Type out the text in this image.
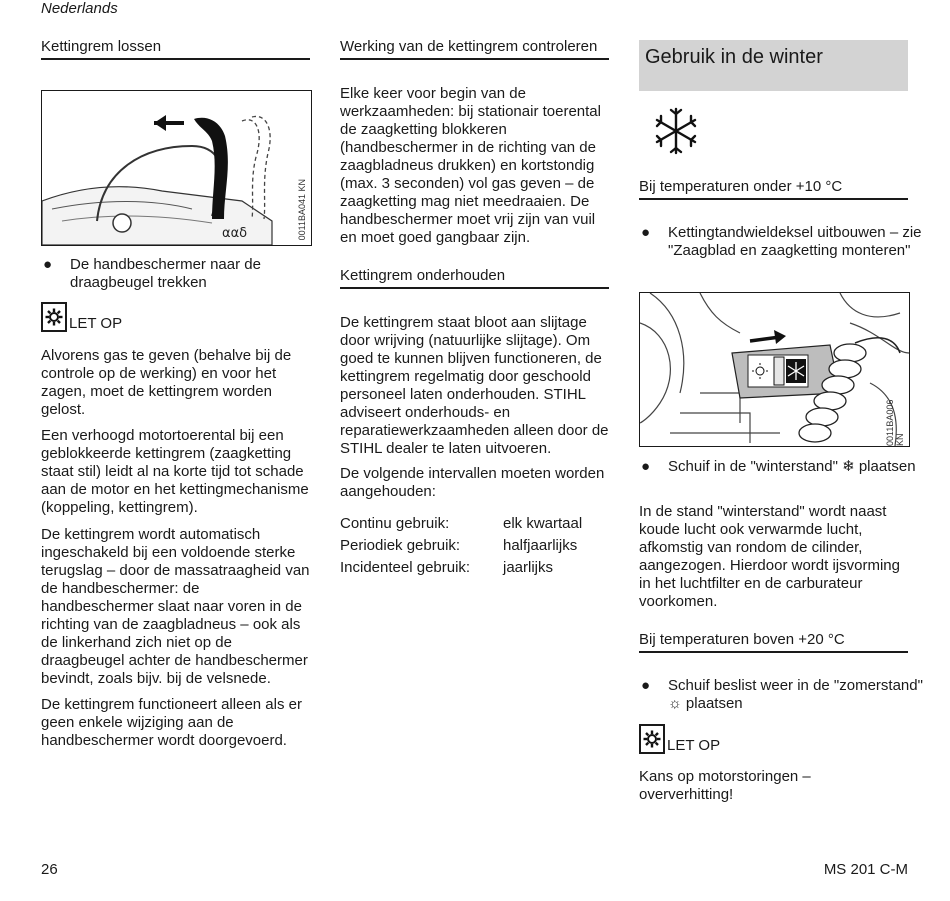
Nederlands
Kettingrem lossen
ααδ	0011BA041 KN
● De handbeschermer naar de draagbeugel trekken
LET OP
Alvorens gas te geven (behalve bij de controle op de werking) en voor het zagen, moet de kettingrem worden gelost.
Een verhoogd motortoerental bij een geblokkeerde kettingrem (zaagketting staat stil) leidt al na korte tijd tot schade aan de motor en het kettingmechanisme (koppeling, kettingrem).
De kettingrem wordt automatisch ingeschakeld bij een voldoende sterke terugslag – door de massatraagheid van de handbeschermer: de handbeschermer slaat naar voren in de richting van de zaagbladneus – ook als de linkerhand zich niet op de draagbeugel achter de handbeschermer bevindt, zoals bijv. bij de velsnede.
De kettingrem functioneert alleen als er geen enkele wijziging aan de handbeschermer wordt doorgevoerd.
Werking van de kettingrem controleren
Elke keer voor begin van de werkzaamheden: bij stationair toerental de zaagketting blokkeren (handbeschermer in de richting van de zaagbladneus drukken) en kortstondig (max. 3 seconden) vol gas geven – de zaagketting mag niet meedraaien. De handbeschermer moet vrij zijn van vuil en moet goed gangbaar zijn.
Kettingrem onderhouden
De kettingrem staat bloot aan slijtage door wrijving (natuurlijke slijtage). Om goed te kunnen blijven functioneren, de kettingrem regelmatig door geschoold personeel laten onderhouden. STIHL adviseert onderhouds- en reparatiewerkzaamheden alleen door de STIHL dealer te laten uitvoeren.
De volgende intervallen moeten worden aangehouden:
Continu gebruik:	elk kwartaal
Periodiek gebruik:	halfjaarlijks
Incidenteel gebruik:	jaarlijks
Gebruik in de winter
Bij temperaturen onder +10 °C
● Kettingtandwieldeksel uitbouwen – zie "Zaagblad en zaagketting monteren"
0011BA006 KN
● Schuif in de "winterstand" ❄ plaatsen
In de stand "winterstand" wordt naast koude lucht ook verwarmde lucht, afkomstig van rondom de cilinder, aangezogen. Hierdoor wordt ijsvorming in het luchtfilter en de carburateur voorkomen.
Bij temperaturen boven +20 °C
● Schuif beslist weer in de "zomerstand" ☼ plaatsen
LET OP
Kans op motorstoringen – oververhitting!
26	MS 201 C-M
